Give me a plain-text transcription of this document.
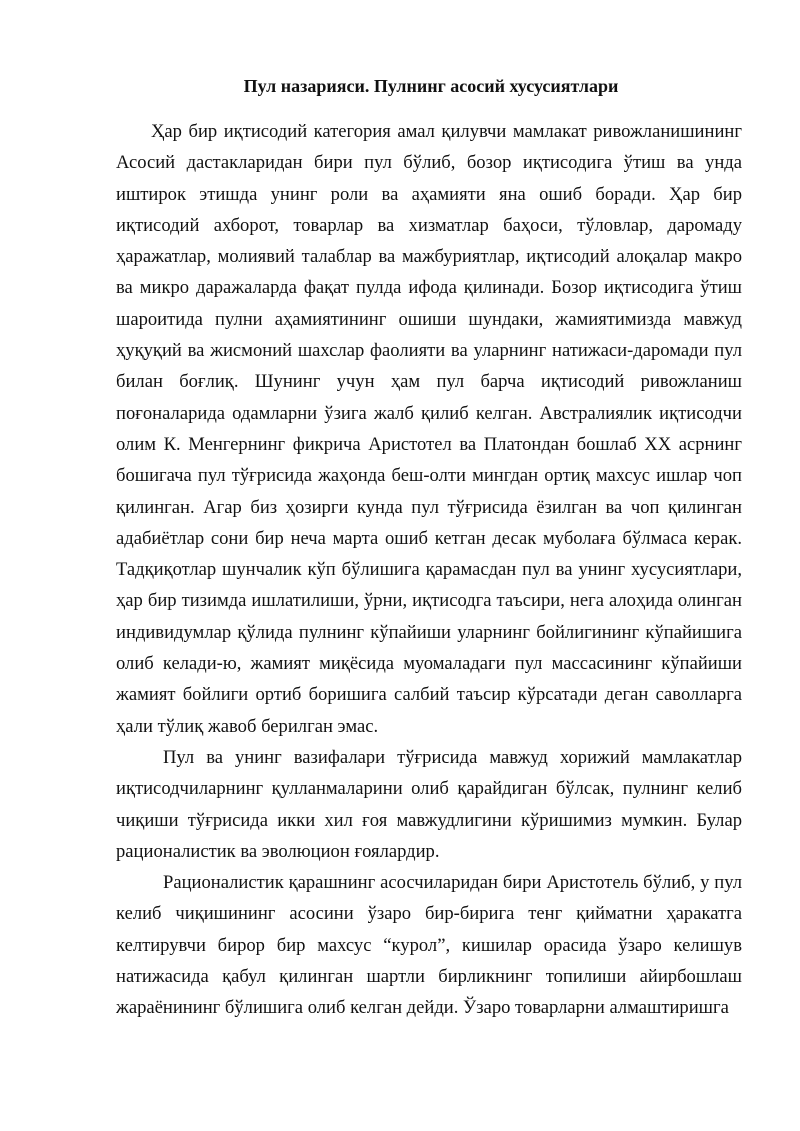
Пул назарияси. Пулнинг асосий хусусиятлари

Ҳар бир иқтисодий категория амал қилувчи мамлакат ривожланишининг Асосий дастакларидан бири пул бўлиб, бозор иқтисодига ўтиш ва унда иштирок этишда унинг роли ва аҳамияти яна ошиб боради. Ҳар бир иқтисодий ахборот, товарлар ва хизматлар баҳоси, тўловлар, даромаду ҳаражатлар, молиявий талаблар ва мажбуриятлар, иқтисодий алоқалар макро ва микро даражаларда фақат пулда ифода қилинади. Бозор иқтисодига ўтиш шароитида пулни аҳамиятининг ошиши шундаки, жамиятимизда мавжуд ҳуқуқий ва жисмоний шахслар фаолияти ва уларнинг натижаси-даромади пул билан боғлиқ. Шунинг учун ҳам пул барча иқтисодий ривожланиш поғоналарида одамларни ўзига жалб қилиб келган. Австралиялик иқтисодчи олим К. Менгернинг фикрича Аристотел ва Платондан бошлаб XX асрнинг бошигача пул тўғрисида жаҳонда беш-олти мингдан ортиқ махсус ишлар чоп қилинган. Агар биз ҳозирги кунда пул тўғрисида ёзилган ва чоп қилинган адабиётлар сони бир неча марта ошиб кетган десак муболаға бўлмаса керак. Тадқиқотлар шунчалик кўп бўлишига қарамасдан пул ва унинг хусусиятлари, ҳар бир тизимда ишлатилиши, ўрни, иқтисодга таъсири, нега алоҳида олинган индивидумлар қўлида пулнинг кўпайиши уларнинг бойлигининг кўпайишига олиб келади-ю, жамият миқёсида муомаладаги пул массасининг кўпайиши жамият бойлиги ортиб боришига салбий таъсир кўрсатади деган саволларга ҳали тўлиқ жавоб берилган эмас.

Пул ва унинг вазифалари тўғрисида мавжуд хорижий мамлакатлар иқтисодчиларнинг қулланмаларини олиб қарайдиган бўлсак, пулнинг келиб чиқиши тўғрисида икки хил ғоя мавжудлигини кўришимиз мумкин. Булар рационалистик ва эволюцион ғоялардир.

Рационалистик қарашнинг асосчиларидан бири Аристотель бўлиб, у пул келиб чиқишининг асосини ўзаро бир-бирига тенг қийматни ҳаракатга келтирувчи бирор бир махсус “курол”, кишилар орасида ўзаро келишув натижасида қабул қилинган шартли бирликнинг топилиши айирбошлаш жараёнининг бўлишига олиб келган дейди. Ўзаро товарларни алмаштиришга
